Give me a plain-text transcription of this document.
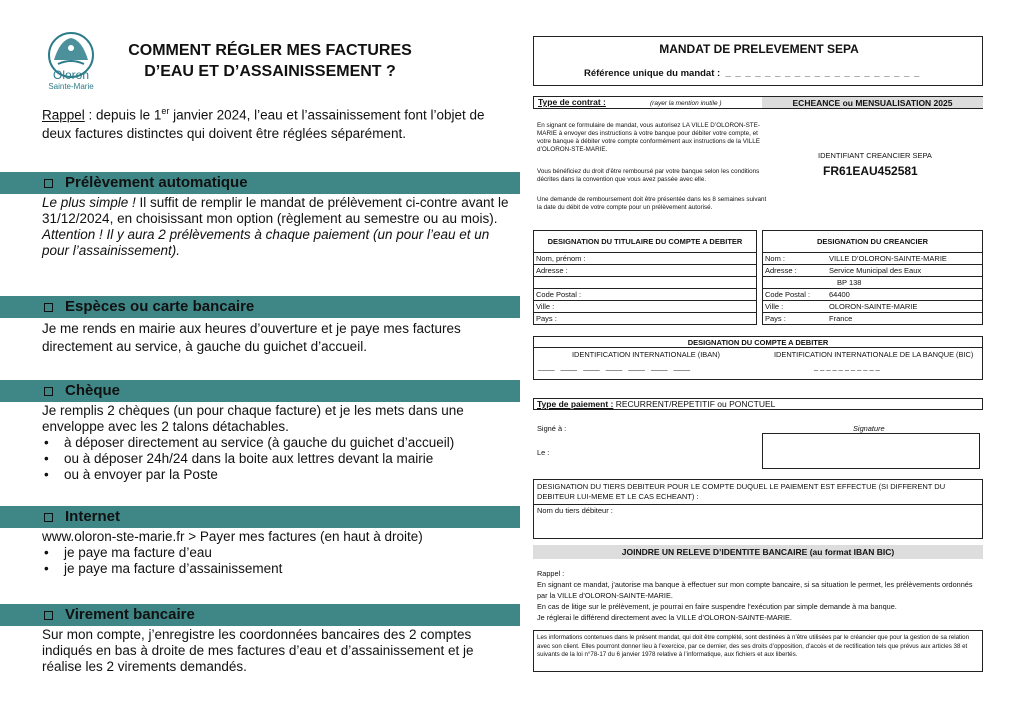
Oloron
Sainte-Marie
COMMENT RÉGLER MES FACTURES
D’EAU ET D’ASSAINISSEMENT ?
Rappel : depuis le 1er janvier 2024, l’eau et l’assainissement font l’objet de deux factures distinctes qui doivent être réglées séparément.
Prélèvement automatique
Le plus simple ! Il suffit de remplir le mandat de prélèvement ci-contre avant le 31/12/2024, en choisissant mon option (règlement au semestre ou au mois).
Attention ! Il y aura 2 prélèvements à chaque paiement (un pour l’eau et un pour l’assainissement).
Espèces ou carte bancaire
Je me rends en mairie aux heures d’ouverture et je paye mes factures directement au service, à gauche du guichet d’accueil.
Chèque
Je remplis 2 chèques (un pour chaque facture) et je les mets dans une enveloppe avec les 2 talons détachables.
• à déposer directement au service (à gauche du guichet d’accueil)
• ou à déposer 24h/24 dans la boite aux lettres devant la mairie
• ou à envoyer par la Poste
Internet
www.oloron-ste-marie.fr > Payer mes factures (en haut à droite)
• je paye ma facture d’eau
• je paye ma facture d’assainissement
Virement bancaire
Sur mon compte, j’enregistre les coordonnées bancaires des 2 comptes indiqués en bas à droite de mes factures d’eau et d’assainissement et je réalise les 2 virements demandés.
MANDAT DE PRELEVEMENT SEPA
Référence unique du mandat : _ _ _ _ _ _ _ _ _ _ _ _ _ _ _ _ _ _ _ _
Type de contrat :	(rayer la mention inutile )	ECHEANCE ou MENSUALISATION 2025
En signant ce formulaire de mandat, vous autorisez LA VILLE D’OLORON-STE-MARIE à envoyer des instructions à votre banque pour débiter votre compte, et votre banque à débiter votre compte conformément aux instructions de la VILLE d’OLORON-STE-MARIE.
Vous bénéficiez du droit d’être remboursé par votre banque selon les conditions décrites dans la convention que vous avez passée avec elle.
Une demande de remboursement doit être présentée dans les 8 semaines suivant la date du débit de votre compte pour un prélèvement autorisé.
IDENTIFIANT CREANCIER SEPA
FR61EAU452581
DESIGNATION DU TITULAIRE DU COMPTE A DEBITER
Nom, prénom :
Adresse :
Code Postal :
Ville :
Pays :
DESIGNATION DU CREANCIER
Nom :	VILLE D’OLORON-SAINTE-MARIE
Adresse :	Service Municipal des Eaux
BP 138
Code Postal :	64400
Ville :	OLORON-SAINTE-MARIE
Pays :	France
DESIGNATION DU COMPTE A DEBITER
IDENTIFICATION INTERNATIONALE (IBAN)	IDENTIFICATION INTERNATIONALE DE LA BANQUE (BIC)
____   ____   ____   ____   ____   ____   ____	_ _ _ _ _ _ _ _ _ _ _
Type de paiement : RECURRENT/REPETITIF ou PONCTUEL
Signé à :
Le :
Signature
DESIGNATION DU TIERS DEBITEUR POUR LE COMPTE DUQUEL LE PAIEMENT EST EFFECTUE (SI DIFFERENT DU DEBITEUR LUI-MEME ET LE CAS ECHEANT) :
Nom du tiers débiteur :
JOINDRE UN RELEVE D’IDENTITE BANCAIRE (au format IBAN BIC)
Rappel :
En signant ce mandat, j’autorise ma banque à effectuer sur mon compte bancaire, si sa situation le permet, les prélèvements ordonnés par la VILLE d’OLORON-SAINTE-MARIE.
En cas de litige sur le prélèvement, je pourrai en faire suspendre l’exécution par simple demande à ma banque.
Je réglerai le différend directement avec la VILLE d’OLORON-SAINTE-MARIE.
Les informations contenues dans le présent mandat, qui doit être complété, sont destinées à n’être utilisées par le créancier que pour la gestion de sa relation avec son client. Elles pourront donner lieu à l’exercice, par ce dernier, des ses droits d’opposition, d’accès et de rectification tels que prévus aux articles 38 et suivants de la loi n°78-17 du 6 janvier 1978 relative à l’informatique, aux fichiers et aux libertés.
